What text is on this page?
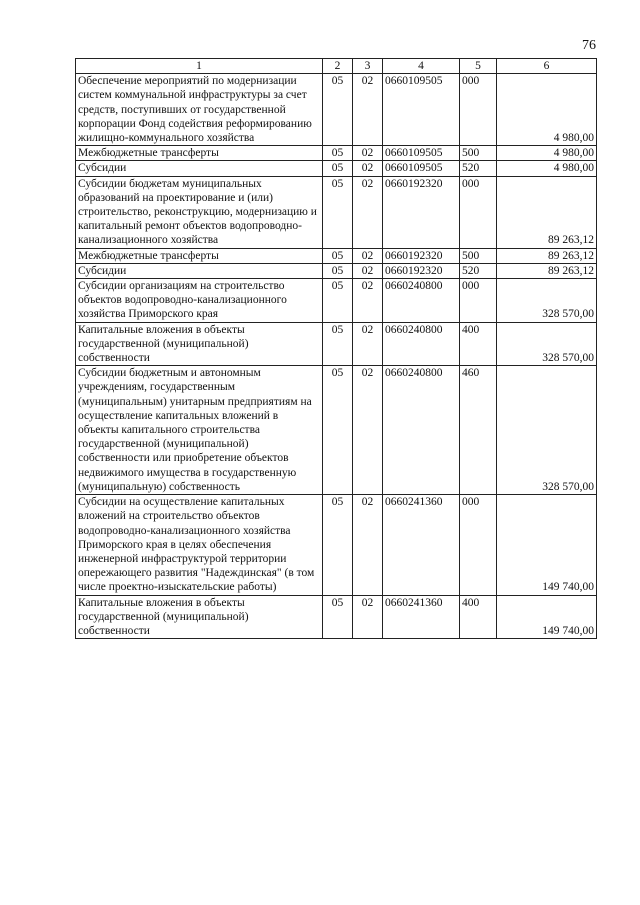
76
1	2	3	4	5	6
Обеспечение мероприятий по модернизации систем коммунальной инфраструктуры за счет средств, поступивших от государственной корпорации Фонд содействия реформированию жилищно-коммунального хозяйства	05	02	0660109505	000	4 980,00
Межбюджетные трансферты	05	02	0660109505	500	4 980,00
Субсидии	05	02	0660109505	520	4 980,00
Субсидии бюджетам муниципальных образований на проектирование и (или) строительство, реконструкцию, модернизацию и капитальный ремонт объектов водопроводно-канализационного хозяйства	05	02	0660192320	000	89 263,12
Межбюджетные трансферты	05	02	0660192320	500	89 263,12
Субсидии	05	02	0660192320	520	89 263,12
Субсидии организациям на строительство объектов водопроводно-канализационного хозяйства Приморского края	05	02	0660240800	000	328 570,00
Капитальные вложения в объекты государственной (муниципальной) собственности	05	02	0660240800	400	328 570,00
Субсидии бюджетным и автономным учреждениям, государственным (муниципальным) унитарным предприятиям на осуществление капитальных вложений в объекты капитального строительства государственной (муниципальной) собственности или приобретение объектов недвижимого имущества в государственную (муниципальную) собственность	05	02	0660240800	460	328 570,00
Субсидии на осуществление капитальных вложений на строительство объектов водопроводно-канализационного хозяйства Приморского края в целях обеспечения инженерной инфраструктурой территории опережающего развития "Надеждинская" (в том числе проектно-изыскательские работы)	05	02	0660241360	000	149 740,00
Капитальные вложения в объекты государственной (муниципальной) собственности	05	02	0660241360	400	149 740,00
